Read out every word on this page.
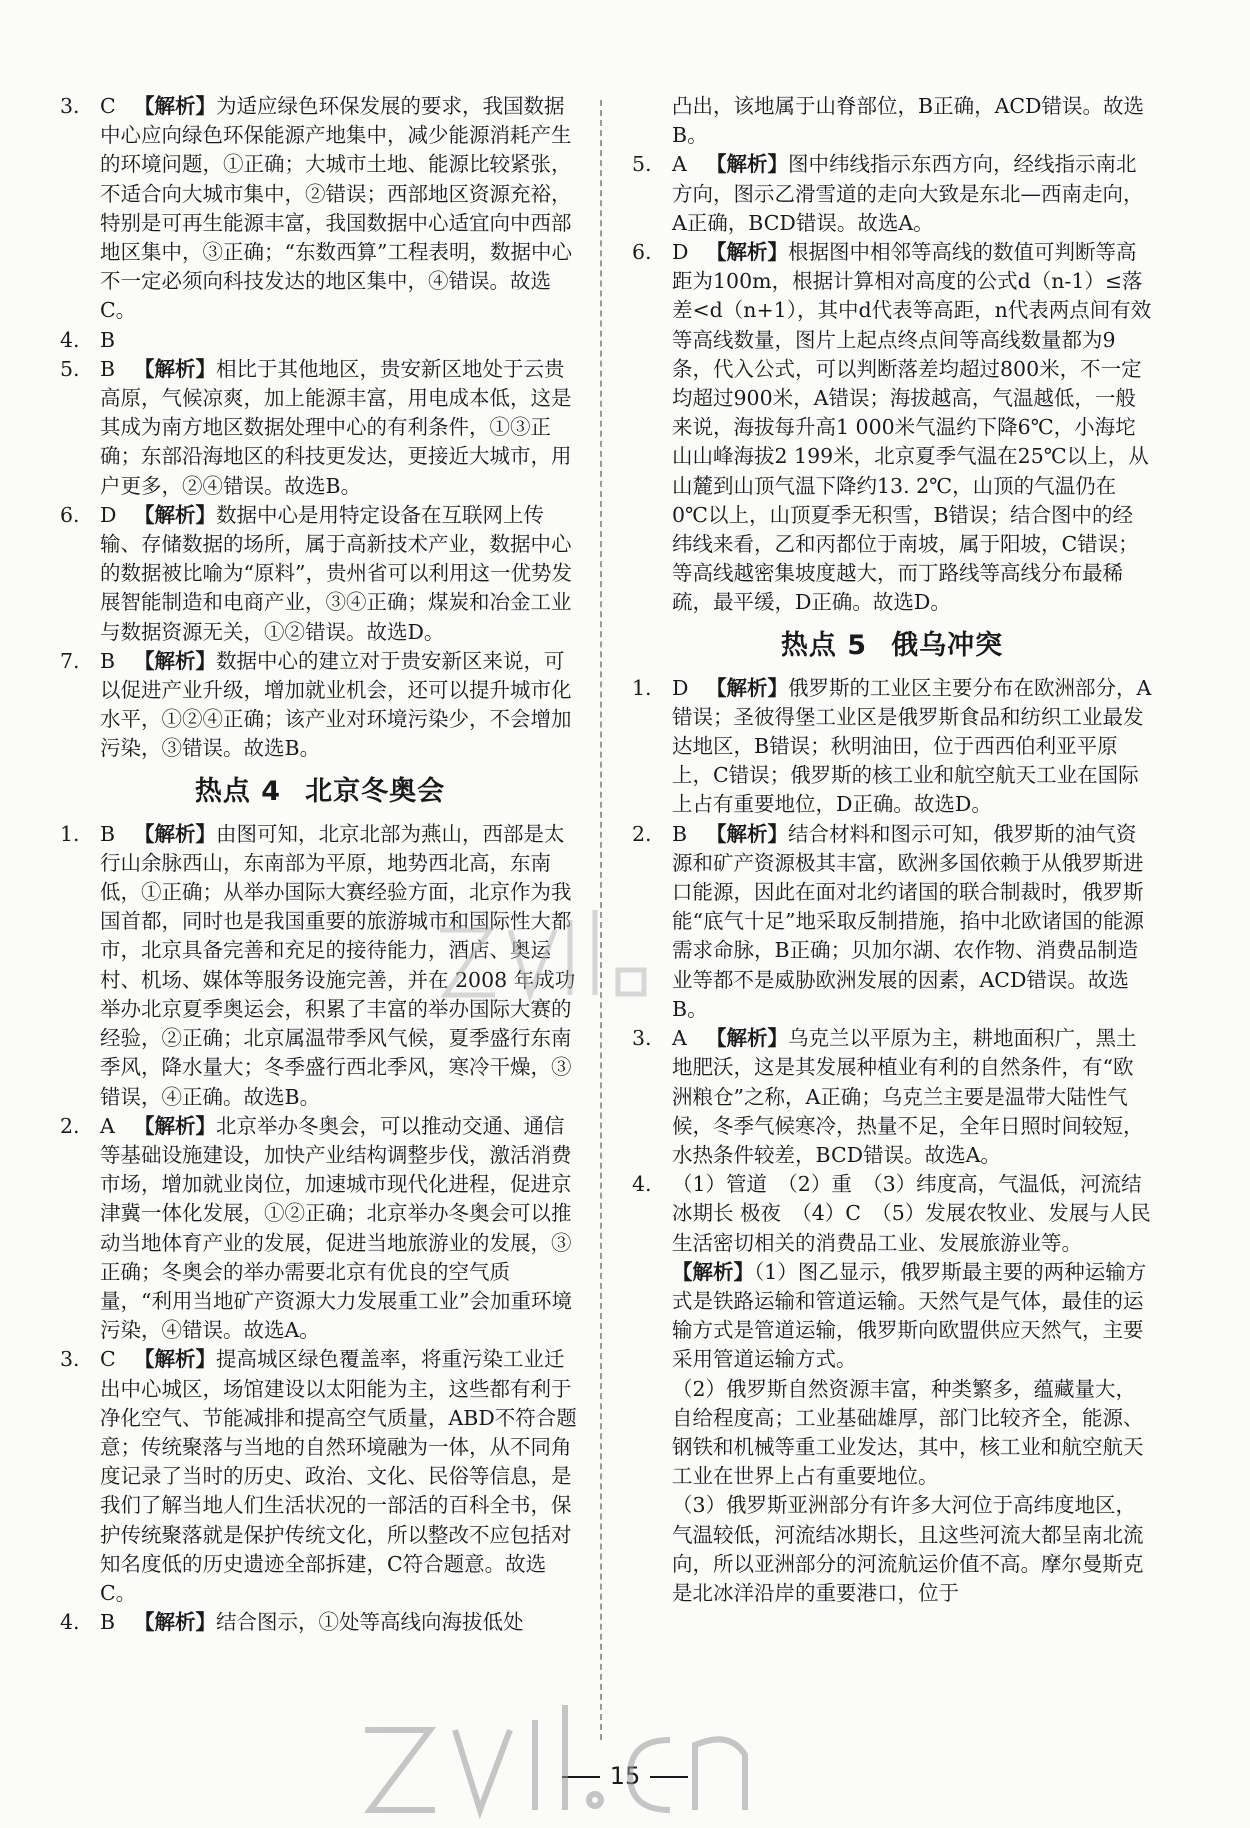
3. C 【解析】为适应绿色环保发展的要求，我国数据中心应向绿色环保能源产地集中，减少能源消耗产生的环境问题，①正确；大城市土地、能源比较紧张，不适合向大城市集中，②错误；西部地区资源充裕，特别是可再生能源丰富，我国数据中心适宜向中西部地区集中，③正确；“东数西算”工程表明，数据中心不一定必须向科技发达的地区集中，④错误。故选C。
4. B
5. B 【解析】相比于其他地区，贵安新区地处于云贵高原，气候凉爽，加上能源丰富，用电成本低，这是其成为南方地区数据处理中心的有利条件，①③正确；东部沿海地区的科技更发达，更接近大城市，用户更多，②④错误。故选B。
6. D 【解析】数据中心是用特定设备在互联网上传输、存储数据的场所，属于高新技术产业，数据中心的数据被比喻为“原料”，贵州省可以利用这一优势发展智能制造和电商产业，③④正确；煤炭和冶金工业与数据资源无关，①②错误。故选D。
7. B 【解析】数据中心的建立对于贵安新区来说，可以促进产业升级，增加就业机会，还可以提升城市化水平，①②④正确；该产业对环境污染少，不会增加污染，③错误。故选B。
热点 4 北京冬奥会
1. B 【解析】由图可知，北京北部为燕山，西部是太行山余脉西山，东南部为平原，地势西北高，东南低，①正确；从举办国际大赛经验方面，北京作为我国首都，同时也是我国重要的旅游城市和国际性大都市，北京具备完善和充足的接待能力，酒店、奥运村、机场、媒体等服务设施完善，并在 2008 年成功举办北京夏季奥运会，积累了丰富的举办国际大赛的经验，②正确；北京属温带季风气候，夏季盛行东南季风，降水量大；冬季盛行西北季风，寒冷干燥，③错误，④正确。故选B。
2. A 【解析】北京举办冬奥会，可以推动交通、通信等基础设施建设，加快产业结构调整步伐，激活消费市场，增加就业岗位，加速城市现代化进程，促进京津冀一体化发展，①②正确；北京举办冬奥会可以推动当地体育产业的发展，促进当地旅游业的发展，③正确；冬奥会的举办需要北京有优良的空气质量，“利用当地矿产资源大力发展重工业”会加重环境污染，④错误。故选A。
3. C 【解析】提高城区绿色覆盖率，将重污染工业迁出中心城区，场馆建设以太阳能为主，这些都有利于净化空气、节能减排和提高空气质量，ABD不符合题意；传统聚落与当地的自然环境融为一体，从不同角度记录了当时的历史、政治、文化、民俗等信息，是我们了解当地人们生活状况的一部活的百科全书，保护传统聚落就是保护传统文化，所以整改不应包括对知名度低的历史遗迹全部拆建，C符合题意。故选C。
4. B 【解析】结合图示，①处等高线向海拔低处
凸出，该地属于山脊部位，B正确，ACD错误。故选B。
5. A 【解析】图中纬线指示东西方向，经线指示南北方向，图示乙滑雪道的走向大致是东北—西南走向，A正确，BCD错误。故选A。
6. D 【解析】根据图中相邻等高线的数值可判断等高距为100m，根据计算相对高度的公式d（n-1）≤落差<d（n+1），其中d代表等高距，n代表两点间有效等高线数量，图片上起点终点间等高线数量都为9条，代入公式，可以判断落差均超过800米，不一定均超过900米，A错误；海拔越高，气温越低，一般来说，海拔每升高1 000米气温约下降6℃，小海坨山山峰海拔2 199米，北京夏季气温在25℃以上，从山麓到山顶气温下降约13. 2℃，山顶的气温仍在0℃以上，山顶夏季无积雪，B错误；结合图中的经纬线来看，乙和丙都位于南坡，属于阳坡，C错误；等高线越密集坡度越大，而丁路线等高线分布最稀疏，最平缓，D正确。故选D。
热点 5 俄乌冲突
1. D 【解析】俄罗斯的工业区主要分布在欧洲部分，A错误；圣彼得堡工业区是俄罗斯食品和纺织工业最发达地区，B错误；秋明油田，位于西西伯利亚平原上，C错误；俄罗斯的核工业和航空航天工业在国际上占有重要地位，D正确。故选D。
2. B 【解析】结合材料和图示可知，俄罗斯的油气资源和矿产资源极其丰富，欧洲多国依赖于从俄罗斯进口能源，因此在面对北约诸国的联合制裁时，俄罗斯能“底气十足”地采取反制措施，掐中北欧诸国的能源需求命脉，B正确；贝加尔湖、农作物、消费品制造业等都不是威胁欧洲发展的因素，ACD错误。故选B。
3. A 【解析】乌克兰以平原为主，耕地面积广，黑土地肥沃，这是其发展种植业有利的自然条件，有“欧洲粮仓”之称，A正确；乌克兰主要是温带大陆性气候，冬季气候寒冷，热量不足，全年日照时间较短，水热条件较差，BCD错误。故选A。
4. （1）管道　（2）重　（3）纬度高，气温低，河流结冰期长 极夜　（4）C　（5）发展农牧业、发展与人民生活密切相关的消费品工业、发展旅游业等。
【解析】（1）图乙显示，俄罗斯最主要的两种运输方式是铁路运输和管道运输。天然气是气体，最佳的运输方式是管道运输，俄罗斯向欧盟供应天然气，主要采用管道运输方式。
（2）俄罗斯自然资源丰富，种类繁多，蕴藏量大，自给程度高；工业基础雄厚，部门比较齐全，能源、钢铁和机械等重工业发达，其中，核工业和航空航天工业在世界上占有重要地位。
（3）俄罗斯亚洲部分有许多大河位于高纬度地区，气温较低，河流结冰期长，且这些河流大都呈南北流向，所以亚洲部分的河流航运价值不高。摩尔曼斯克是北冰洋沿岸的重要港口，位于
15
